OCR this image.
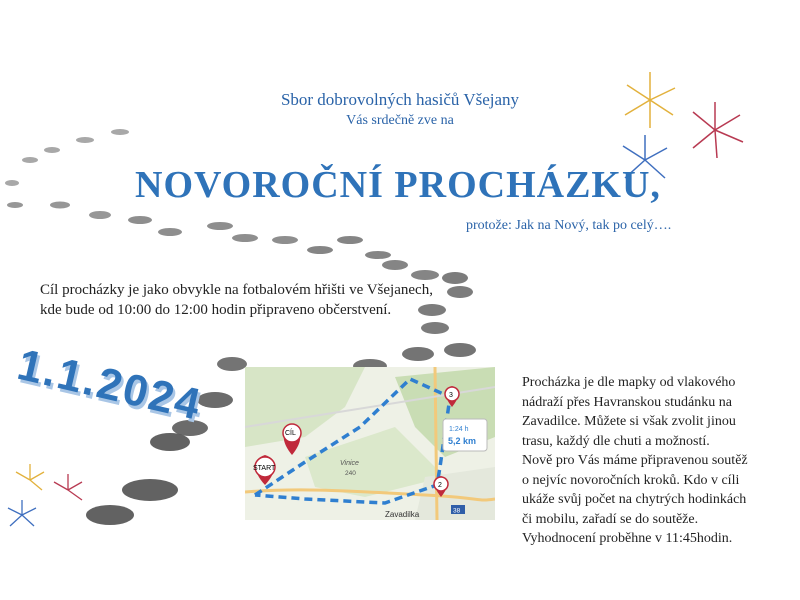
Sbor dobrovolných hasičů Všejany
Vás srdečně zve na
NOVOROČNÍ PROCHÁZKU,
protože: Jak na Nový, tak po celý….
Cíl procházky je jako obvykle na fotbalovém hřišti ve Všejanech,
kde bude od 10:00 do 12:00 hodin připraveno občerstvení.
1.1.2024
START
CÍL
3
2
1:24 h
5,2 km
Vinice
240
Zavadilka	38
Procházka je dle mapky od vlakového
nádraží přes Havranskou studánku na
Zavadilce. Můžete si však zvolit jinou
trasu, každý dle chuti a možností.
Nově pro Vás máme připravenou soutěž
o nejvíc novoročních kroků. Kdo v cíli
ukáže svůj počet na chytrých hodinkách
či mobilu, zařadí se do soutěže.
Vyhodnocení proběhne v 11:45hodin.
